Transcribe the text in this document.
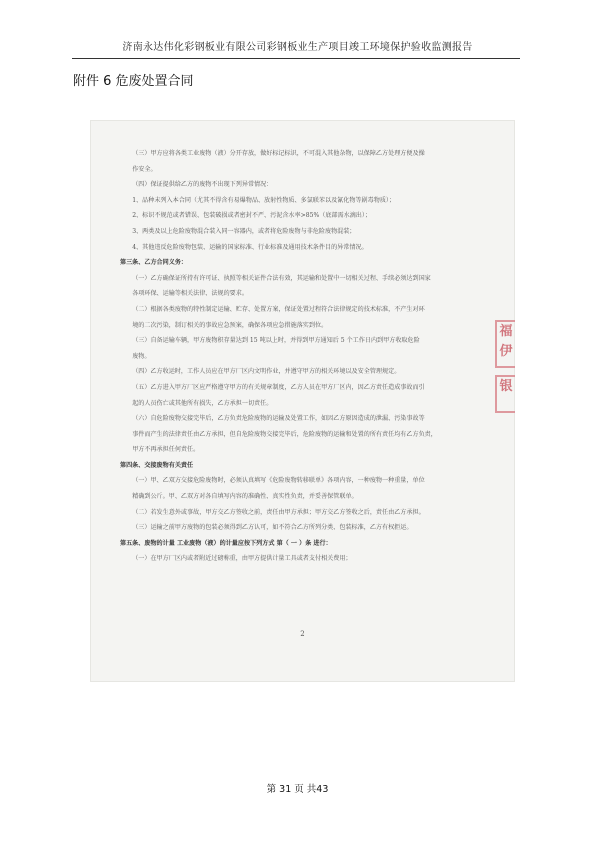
济南永达伟化彩钢板业有限公司彩钢板业生产项目竣工环境保护验收监测报告
附件 6 危废处置合同

（三）甲方应将各类工业废物（液）分开存放，做好标记标识，不可混入其他杂物，以保障乙方处理方便及操

作安全。

（四）保证提供给乙方的废物不出现下列异常情况：

1、品种未列入本合同（尤其不得含有易爆物品、放射性物质、多氯联苯以及氰化物等剧毒物质）；

2、标识不规范或者错误、包装破损或者密封不严、污泥含水率>85%（底部需水滴出）；

3、两类及以上危险废物混合装入同一容器内，或者将危险废物与非危险废物混装；

4、其他违反危险废物包装、运输的国家标准、行业标准及通用技术条件目的异常情况。

第三条、乙方合同义务：

（一）乙方确保证所持有许可证、执照等相关证件合法有效，其运输和处置中一切相关过程、手续必须达到国家

各项环保、运输等相关法律、法规的要求。

（二）根据各类废物的特性制定运输、贮存、处置方案，保证处置过程符合法律规定的技术标准，不产生对环

境的二次污染，制订相关的事故应急预案，确保各项应急措施落实到位。

（三）自备运输车辆，甲方废物积存量达到 15 吨以上时，并得到甲方通知后 5 个工作日内到甲方收取危险

废物。

（四）乙方收运时，工作人员应在甲方厂区内文明作业，并遵守甲方的相关环境以及安全管理规定。

（五）乙方进入甲方厂区应严格遵守甲方的有关规章制度，乙方人员在甲方厂区内，因乙方责任造成事故而引

起的人员伤亡或其他所有损失，乙方承担一切责任。

（六）自危险废物交接完毕后，乙方负责危险废物的运输及处置工作，如因乙方原因造成的泄漏、污染事故等

事件而产生的法律责任由乙方承担，但自危险废物交接完毕后，危险废物的运输和处置的所有责任均有乙方负责，

甲方不再承担任何责任。

第四条、交接废物有关责任

（一）甲、乙双方交接危险废物时，必须认真填写《危险废物转移联单》各项内容，一种废物一种重量，单位

精确到公斤。甲、乙双方对各自填写内容的准确性、真实性负责，并妥善保管联单。

（二）若发生意外或事故，甲方交乙方签收之前，责任由甲方承担；甲方交乙方签收之后，责任由乙方承担。

（三）运输之前甲方废物的包装必须得到乙方认可，如不符合乙方所列分类、包装标准，乙方有权拒运。

第五条、废物的计量 工业废物（液）的计量应按下列方式 第（ 一 ）条 进行：

（一）在甲方厂区内或者附近过磅称重，由甲方提供计量工具或者支付相关费用；

2
福伊
银
第 31 页 共43
